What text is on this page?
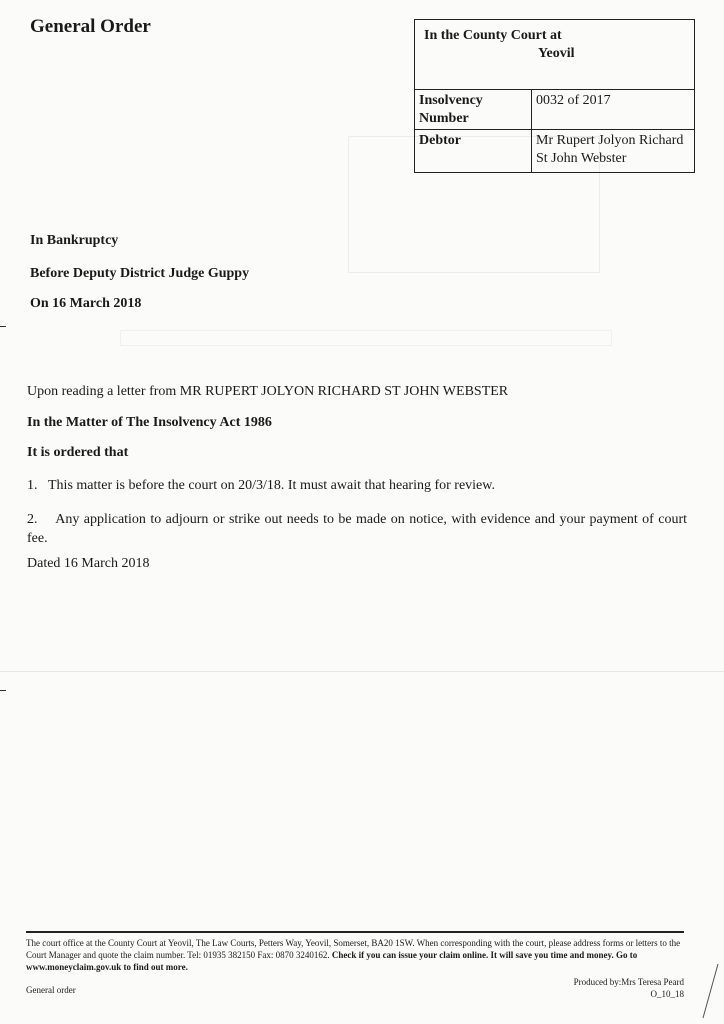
General Order	In the County Court at
Yeovil
Insolvency Number
0032 of 2017
Debtor	Mr Rupert Jolyon Richard St John Webster
In Bankruptcy
Before Deputy District Judge Guppy
On 16 March 2018
Upon reading a letter from MR RUPERT JOLYON RICHARD ST JOHN WEBSTER
In the Matter of The Insolvency Act 1986
It is ordered that
1. This matter is before the court on 20/3/18. It must await that hearing for review.
2. Any application to adjourn or strike out needs to be made on notice, with evidence and your payment of court fee.
Dated 16 March 2018
The court office at the County Court at Yeovil, The Law Courts, Petters Way, Yeovil, Somerset, BA20 1SW. When corresponding with the court, please address forms or letters to the Court Manager and quote the claim number. Tel: 01935 382150 Fax: 0870 3240162. Check if you can issue your claim online. It will save you time and money. Go to www.moneyclaim.gov.uk to find out more.
General order
Produced by:Mrs Teresa Peard
O_10_18
